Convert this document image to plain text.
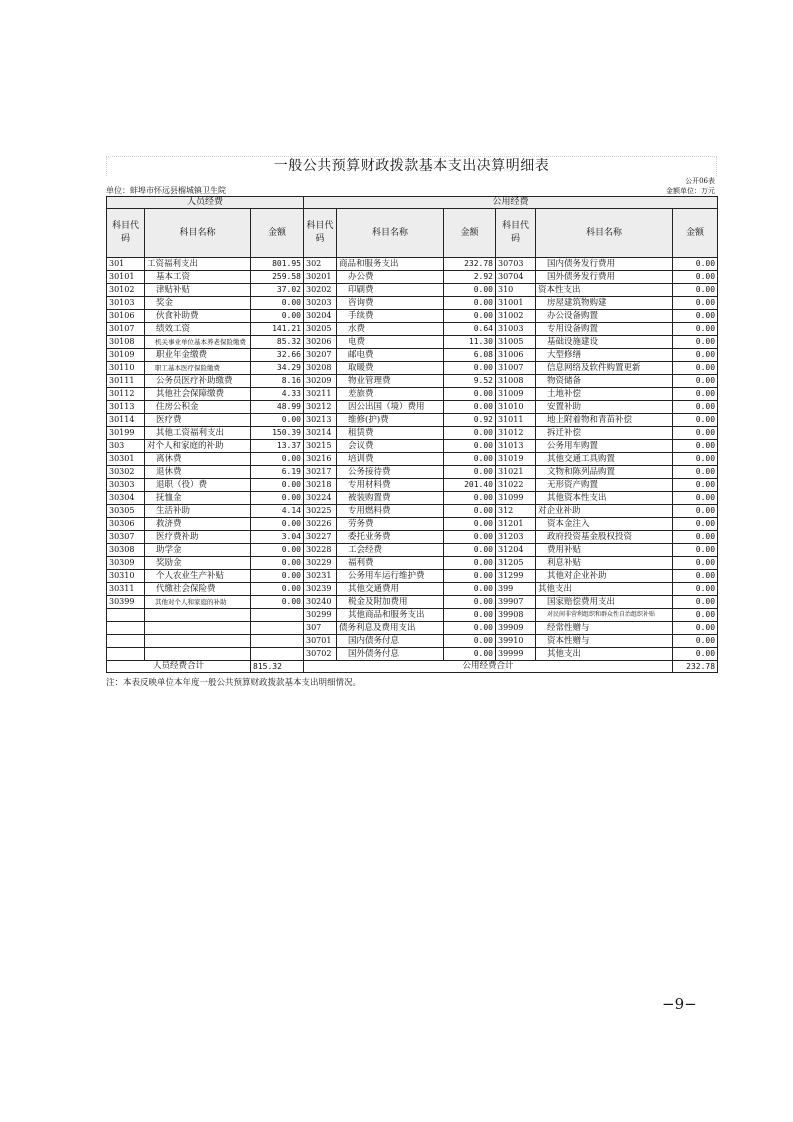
一般公共预算财政拨款基本支出决算明细表
公开06表
单位：蚌埠市怀远县榴城镇卫生院	金额单位：万元
人员经费			公用经费					
科目代码	科目名称	金额	科目代码	科目名称	金额	科目代码	科目名称	金额
301	工资福利支出	801.95	302	商品和服务支出	232.78	30703	国内债务发行费用	0.00
30101	基本工资	259.58	30201	办公费	2.92	30704	国外债务发行费用	0.00
30102	津贴补贴	37.02	30202	印刷费	0.00	310	资本性支出	0.00
30103	奖金	0.00	30203	咨询费	0.00	31001	房屋建筑物购建	0.00
30106	伙食补助费	0.00	30204	手续费	0.00	31002	办公设备购置	0.00
30107	绩效工资	141.21	30205	水费	0.64	31003	专用设备购置	0.00
30108	机关事业单位基本养老保险缴费	85.32	30206	电费	11.30	31005	基础设施建设	0.00
30109	职业年金缴费	32.66	30207	邮电费	6.08	31006	大型修缮	0.00
30110	职工基本医疗保险缴费	34.29	30208	取暖费	0.00	31007	信息网络及软件购置更新	0.00
30111	公务员医疗补助缴费	8.16	30209	物业管理费	9.52	31008	物资储备	0.00
30112	其他社会保障缴费	4.33	30211	差旅费	0.00	31009	土地补偿	0.00
30113	住房公积金	48.99	30212	因公出国（境）费用	0.00	31010	安置补助	0.00
30114	医疗费	0.00	30213	维修(护)费	0.92	31011	地上附着物和青苗补偿	0.00
30199	其他工资福利支出	150.39	30214	租赁费	0.00	31012	拆迁补偿	0.00
303	对个人和家庭的补助	13.37	30215	会议费	0.00	31013	公务用车购置	0.00
30301	离休费	0.00	30216	培训费	0.00	31019	其他交通工具购置	0.00
30302	退休费	6.19	30217	公务接待费	0.00	31021	文物和陈列品购置	0.00
30303	退职（役）费	0.00	30218	专用材料费	201.40	31022	无形资产购置	0.00
30304	抚恤金	0.00	30224	被装购置费	0.00	31099	其他资本性支出	0.00
30305	生活补助	4.14	30225	专用燃料费	0.00	312	对企业补助	0.00
30306	救济费	0.00	30226	劳务费	0.00	31201	资本金注入	0.00
30307	医疗费补助	3.04	30227	委托业务费	0.00	31203	政府投资基金股权投资	0.00
30308	助学金	0.00	30228	工会经费	0.00	31204	费用补贴	0.00
30309	奖励金	0.00	30229	福利费	0.00	31205	利息补贴	0.00
30310	个人农业生产补贴	0.00	30231	公务用车运行维护费	0.00	31299	其他对企业补助	0.00
30311	代缴社会保险费	0.00	30239	其他交通费用	0.00	399	其他支出	0.00
30399	其他对个人和家庭的补助	0.00	30240	税金及附加费用	0.00	39907	国家赔偿费用支出	0.00
			30299	其他商品和服务支出	0.00	39908	对民间非营利组织和群众性自治组织补贴	0.00
			307	债务利息及费用支出	0.00	39909	经常性赠与	0.00
			30701	国内债务付息	0.00	39910	资本性赠与	0.00
			30702	国外债务付息	0.00	39999	其他支出	0.00
人员经费合计		815.32	公用经费合计					232.78
注：本表反映单位本年度一般公共预算财政拨款基本支出明细情况。
−9−
